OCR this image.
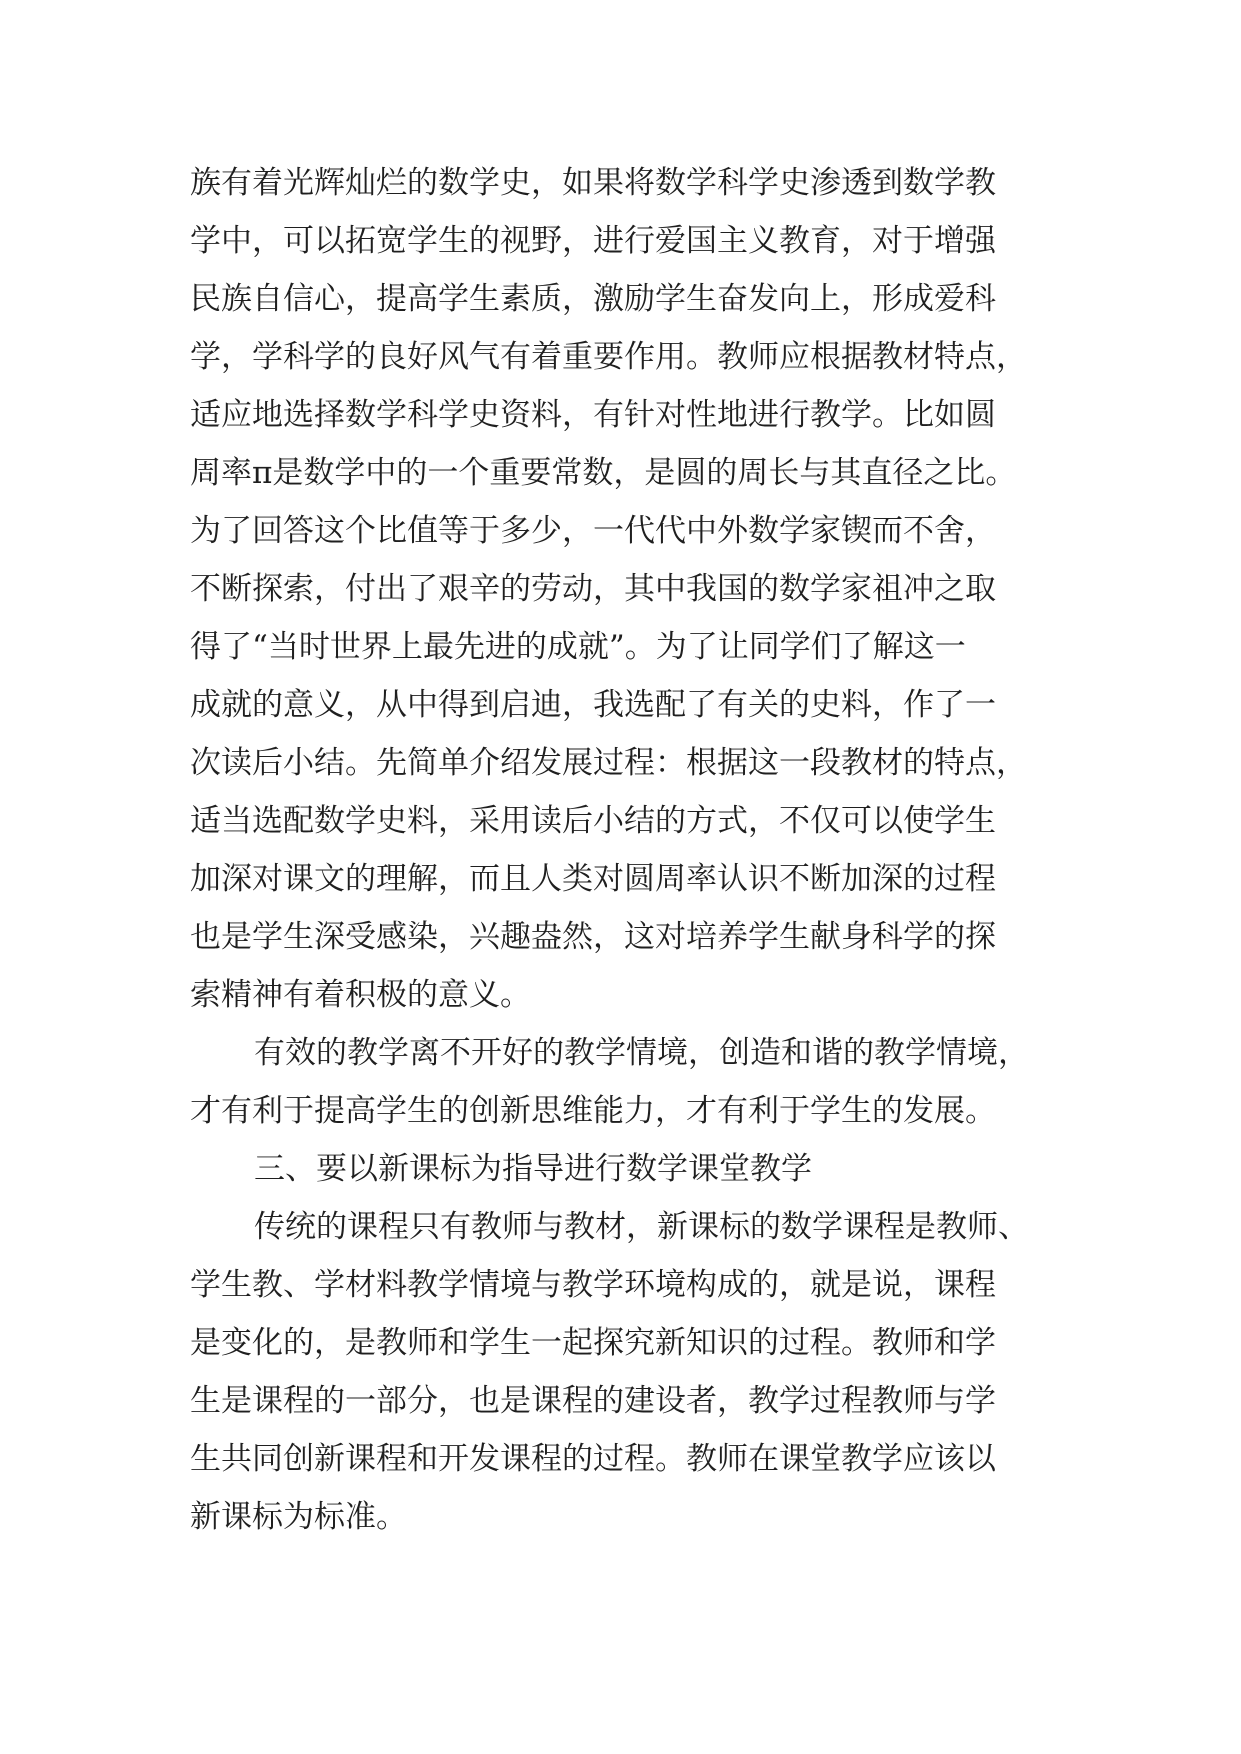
族有着光辉灿烂的数学史，如果将数学科学史渗透到数学教
学中，可以拓宽学生的视野，进行爱国主义教育，对于增强
民族自信心，提高学生素质，激励学生奋发向上，形成爱科
学，学科学的良好风气有着重要作用。教师应根据教材特点，
适应地选择数学科学史资料，有针对性地进行教学。比如圆
周率π是数学中的一个重要常数，是圆的周长与其直径之比。
为了回答这个比值等于多少，一代代中外数学家锲而不舍，
不断探索，付出了艰辛的劳动，其中我国的数学家祖冲之取
得了“当时世界上最先进的成就”。为了让同学们了解这一
成就的意义，从中得到启迪，我选配了有关的史料，作了一
次读后小结。先简单介绍发展过程：根据这一段教材的特点，
适当选配数学史料，采用读后小结的方式，不仅可以使学生
加深对课文的理解，而且人类对圆周率认识不断加深的过程
也是学生深受感染，兴趣盎然，这对培养学生献身科学的探
索精神有着积极的意义。
有效的教学离不开好的教学情境，创造和谐的教学情境，
才有利于提高学生的创新思维能力，才有利于学生的发展。
三、要以新课标为指导进行数学课堂教学
传统的课程只有教师与教材，新课标的数学课程是教师、
学生教、学材料教学情境与教学环境构成的，就是说，课程
是变化的，是教师和学生一起探究新知识的过程。教师和学
生是课程的一部分，也是课程的建设者，教学过程教师与学
生共同创新课程和开发课程的过程。教师在课堂教学应该以
新课标为标准。
